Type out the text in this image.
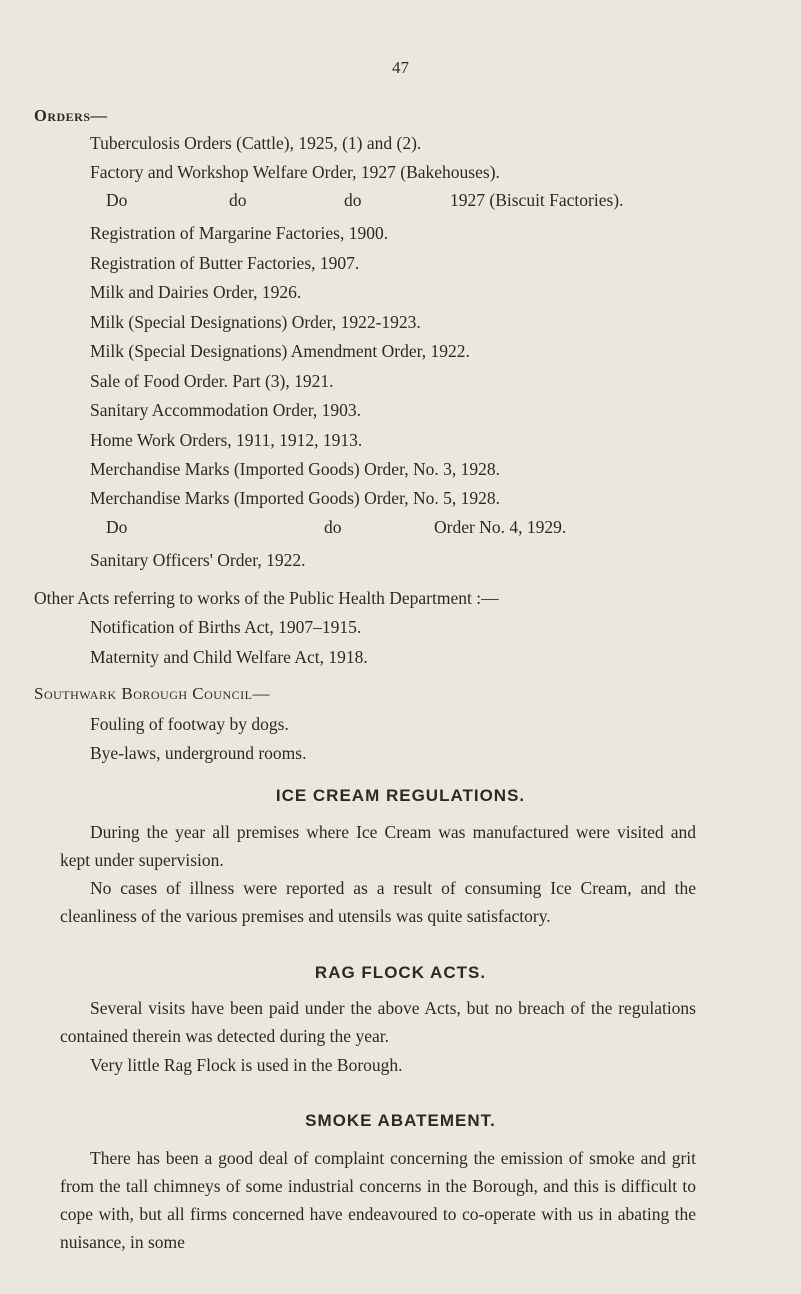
47
Orders—
Tuberculosis Orders (Cattle), 1925, (1) and (2).
Factory and Workshop Welfare Order, 1927 (Bakehouses).
Do	do	do	1927 (Biscuit Factories).
Registration of Margarine Factories, 1900.
Registration of Butter Factories, 1907.
Milk and Dairies Order, 1926.
Milk (Special Designations) Order, 1922-1923.
Milk (Special Designations) Amendment Order, 1922.
Sale of Food Order. Part (3), 1921.
Sanitary Accommodation Order, 1903.
Home Work Orders, 1911, 1912, 1913.
Merchandise Marks (Imported Goods) Order, No. 3, 1928.
Merchandise Marks (Imported Goods) Order, No. 5, 1928.
Do	do	Order No. 4, 1929.
Sanitary Officers' Order, 1922.
Other Acts referring to works of the Public Health Department :—
Notification of Births Act, 1907–1915.
Maternity and Child Welfare Act, 1918.
Southwark Borough Council—
Fouling of footway by dogs.
Bye-laws, underground rooms.
ICE CREAM REGULATIONS.

During the year all premises where Ice Cream was manufactured were visited and kept under supervision.

No cases of illness were reported as a result of consuming Ice Cream, and the cleanliness of the various premises and utensils was quite satisfactory.

RAG FLOCK ACTS.

Several visits have been paid under the above Acts, but no breach of the regulations contained therein was detected during the year.

Very little Rag Flock is used in the Borough.

SMOKE ABATEMENT.

There has been a good deal of complaint concerning the emission of smoke and grit from the tall chimneys of some industrial concerns in the Borough, and this is difficult to cope with, but all firms concerned have endeavoured to co-operate with us in abating the nuisance, in some
